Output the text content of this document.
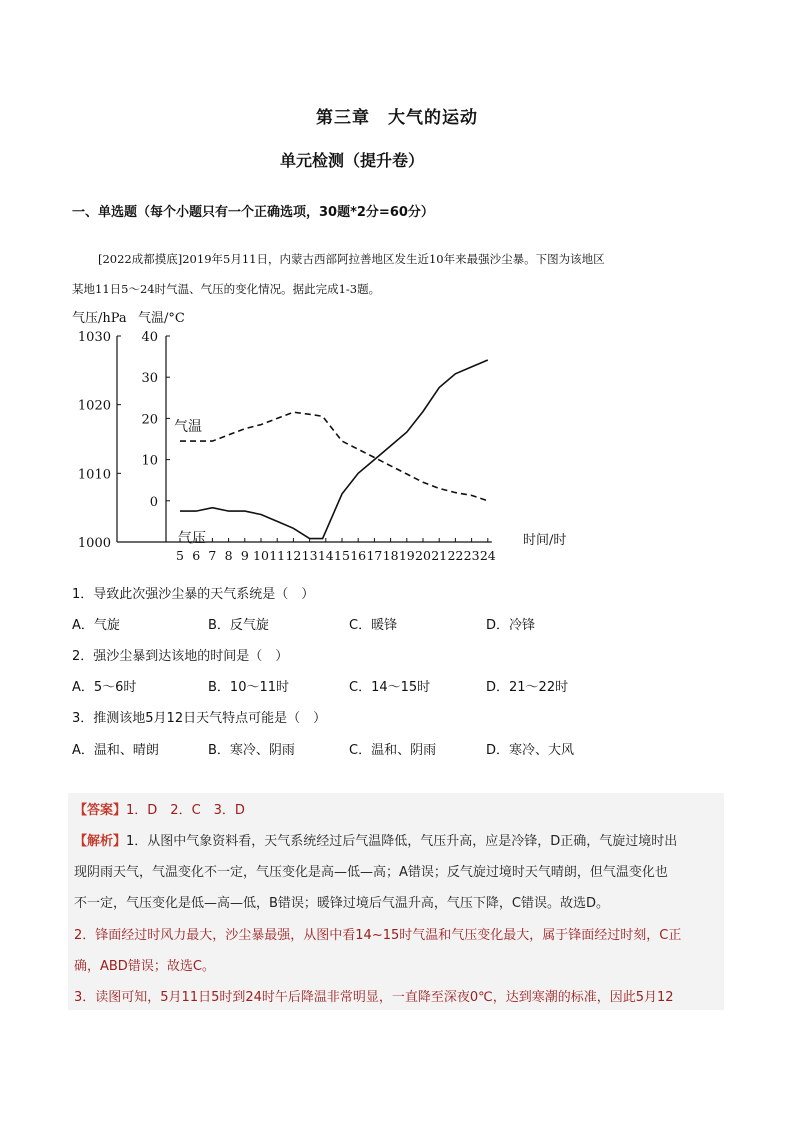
第三章　大气的运动
单元检测（提升卷）
一、单选题（每个小题只有一个正确选项，30题*2分=60分）
[2022成都摸底]2019年5月11日，内蒙古西部阿拉善地区发生近10年来最强沙尘暴。下图为该地区
某地11日5～24时气温、气压的变化情况。据此完成1-3题。
气压/hPa 气温/°C
时间/时
1030
1020
1010
1000
40
30
20
10
0
5 6 7 8 9 10 11 12 13 14 15 16 17 18 19 20 21 22 23 24
气温
气压
1．导致此次强沙尘暴的天气系统是（　）
A．气旋	B．反气旋	C．暖锋	D．冷锋
2．强沙尘暴到达该地的时间是（　）
A．5～6时	B．10～11时	C．14～15时	D．21～22时
3．推测该地5月12日天气特点可能是（　）
A．温和、晴朗	B．寒冷、阴雨	C．温和、阴雨	D．寒冷、大风
【答案】1．D　2．C　3．D
【解析】1．从图中气象资料看，天气系统经过后气温降低，气压升高，应是冷锋，D正确，气旋过境时出
现阴雨天气，气温变化不一定，气压变化是高—低—高；A错误；反气旋过境时天气晴朗，但气温变化也
不一定，气压变化是低—高—低，B错误；暖锋过境后气温升高，气压下降，C错误。故选D。
2．锋面经过时风力最大，沙尘暴最强，从图中看14~15时气温和气压变化最大，属于锋面经过时刻，C正
确，ABD错误；故选C。
3．读图可知，5月11日5时到24时午后降温非常明显，一直降至深夜0℃，达到寒潮的标准，因此5月12
